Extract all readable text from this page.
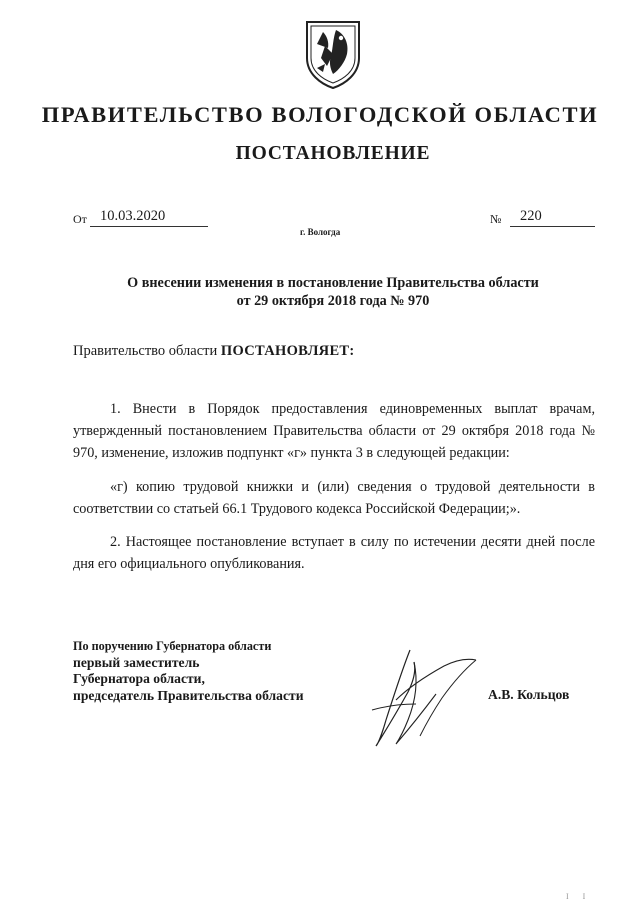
ПРАВИТЕЛЬСТВО ВОЛОГОДСКОЙ ОБЛАСТИ
ПОСТАНОВЛЕНИЕ
От 10.03.2020	№	220
г. Вологда
О внесении изменения в постановление Правительства области
от 29 октября 2018 года № 970
Правительство области ПОСТАНОВЛЯЕТ:
1. Внести в Порядок предоставления единовременных выплат врачам, утвержденный постановлением Правительства области от 29 октября 2018 года № 970, изменение, изложив подпункт «г» пункта 3 в следующей редакции:
«г) копию трудовой книжки и (или) сведения о трудовой деятельности в соответствии со статьей 66.1 Трудового кодекса Российской Федерации;».
2. Настоящее постановление вступает в силу по истечении десяти дней после дня его официального опубликования.
По поручению Губернатора области
первый заместитель
Губернатора области,
председатель Правительства области	А.В. Кольцов
I I
